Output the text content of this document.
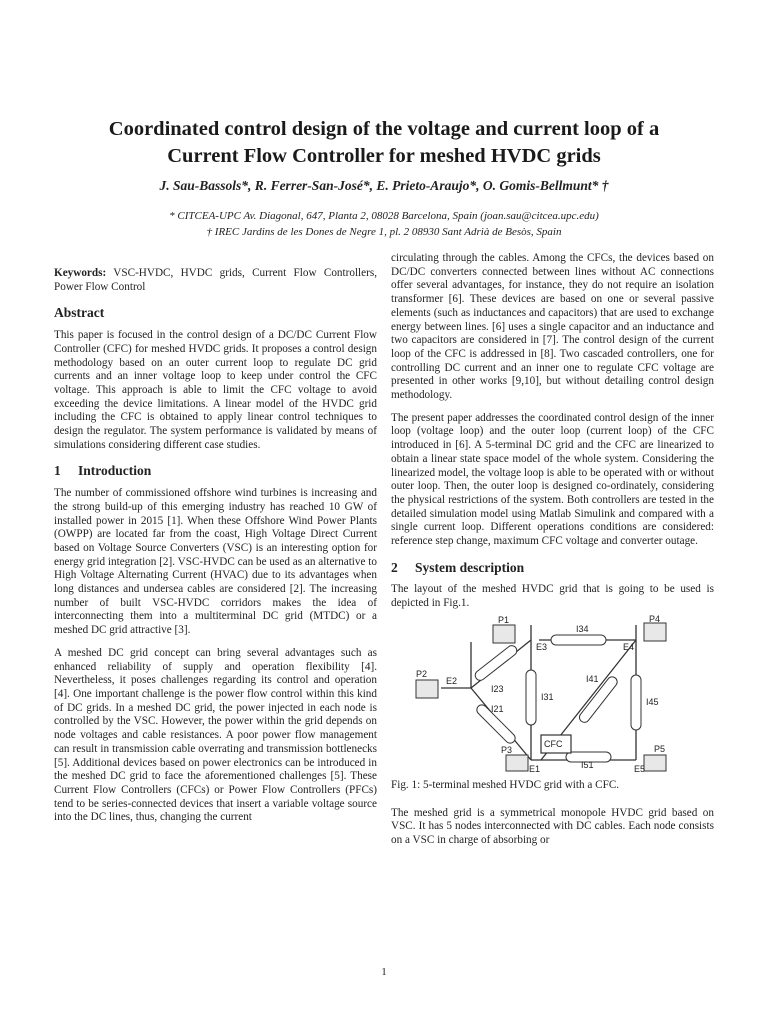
Coordinated control design of the voltage and current loop of a
Current Flow Controller for meshed HVDC grids
J. Sau-Bassols*, R. Ferrer-San-José*, E. Prieto-Araujo*, O. Gomis-Bellmunt* †
* CITCEA-UPC Av. Diagonal, 647, Planta 2, 08028 Barcelona, Spain (joan.sau@citcea.upc.edu)
† IREC Jardins de les Dones de Negre 1, pl. 2 08930 Sant Adrià de Besòs, Spain

Keywords: VSC-HVDC, HVDC grids, Current Flow Controllers, Power Flow Control

Abstract

This paper is focused in the control design of a DC/DC Current Flow Controller (CFC) for meshed HVDC grids. It proposes a control design methodology based on an outer current loop to regulate DC grid currents and an inner voltage loop to keep under control the CFC voltage. This approach is able to limit the CFC voltage to avoid exceeding the device limitations. A linear model of the HVDC grid including the CFC is obtained to apply linear control techniques to design the regulator. The system performance is validated by means of simulations considering different case studies.

1 Introduction

The number of commissioned offshore wind turbines is increasing and the strong build-up of this emerging industry has reached 10 GW of installed power in 2015 [1]. When these Offshore Wind Power Plants (OWPP) are located far from the coast, High Voltage Direct Current based on Voltage Source Converters (VSC) is an interesting option for energy grid integration [2]. VSC-HVDC can be used as an alternative to High Voltage Alternating Current (HVAC) due to its advantages when long distances and undersea cables are considered [2]. The increasing number of built VSC-HVDC corridors makes the idea of interconnecting them into a multiterminal DC grid (MTDC) or a meshed DC grid attractive [3].

A meshed DC grid concept can bring several advantages such as enhanced reliability of supply and operation flexibility [4]. Nevertheless, it poses challenges regarding its control and operation [4]. One important challenge is the power flow control within this kind of DC grids. In a meshed DC grid, the power injected in each node is controlled by the VSC. However, the power within the grid depends on node voltages and cable resistances. A poor power flow management can result in transmission cable overrating and transmission bottlenecks [5]. Additional devices based on power electronics can be introduced in the meshed DC grid to face the aforementioned challenges [5]. These Current Flow Controllers (CFCs) or Power Flow Controllers (PFCs) tend to be series-connected devices that insert a variable voltage source into the DC lines, thus, changing the current

circulating through the cables. Among the CFCs, the devices based on DC/DC converters connected between lines without AC connections offer several advantages, for instance, they do not require an isolation transformer [6]. These devices are based on one or several passive elements (such as inductances and capacitors) that are used to exchange energy between lines. [6] uses a single capacitor and an inductance and two capacitors are considered in [7]. The control design of the current loop of the CFC is addressed in [8]. Two cascaded controllers, one for controlling DC current and an inner one to regulate CFC voltage are presented in other works [9,10], but without detailing control design methodology.

The present paper addresses the coordinated control design of the inner loop (voltage loop) and the outer loop (current loop) of the CFC introduced in [6]. A 5-terminal DC grid and the CFC are linearized to obtain a linear state space model of the whole system. Considering the linearized model, the voltage loop is able to be operated with or without outer loop. Then, the outer loop is designed co-ordinately, considering the physical restrictions of the system. Both controllers are tested in the detailed simulation model using Matlab Simulink and compared with a single current loop. Different operations conditions are considered: reference step change, maximum CFC voltage and converter outage.

2 System description

The layout of the meshed HVDC grid that is going to be used is depicted in Fig.1.

P1	P4
P2
P3	P5
E3	E4
E2
E1	E5
I34
I41
I45
I31
I23
I21
I51
CFC

Fig. 1: 5-terminal meshed HVDC grid with a CFC.

The meshed grid is a symmetrical monopole HVDC grid based on VSC. It has 5 nodes interconnected with DC cables. Each node consists on a VSC in charge of absorbing or

1
